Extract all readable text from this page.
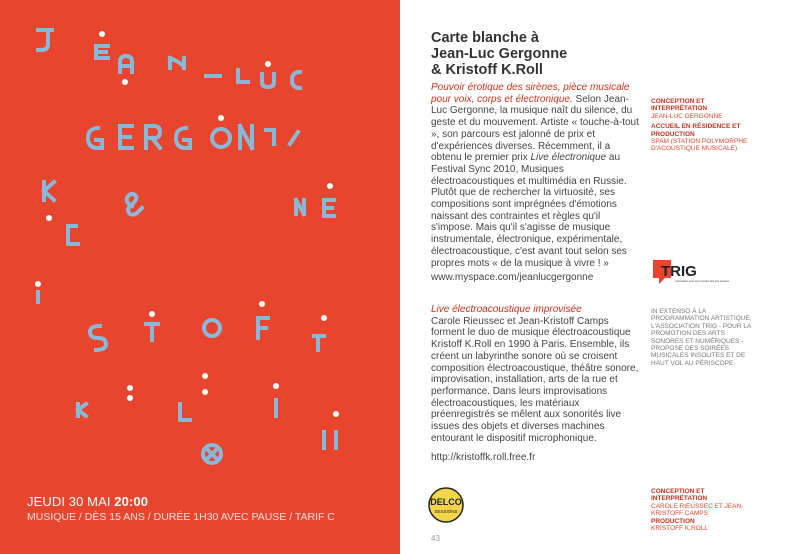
JEUDI 30 MAI 20:00
MUSIQUE / DÈS 15 ANS / DURÉE 1H30 AVEC PAUSE / TARIF C
Carte blanche à
Jean-Luc Gergonne
& Kristoff K.Roll
Pouvoir érotique des sirènes, pièce musicale pour voix, corps et électronique. Selon Jean-Luc Gergonne, la musique naît du silence, du geste et du mouvement. Artiste « touche-à-tout », son parcours est jalonné de prix et d'expériences diverses. Récemment, il a obtenu le premier prix Live électronique au Festival Sync 2010, Musiques électroacoustiques et multimédia en Russie. Plutôt que de rechercher la virtuosité, ses compositions sont imprégnées d'émotions naissant des contraintes et règles qu'il s'impose. Mais qu'il s'agisse de musique instrumentale, électronique, expérimentale, électroacoustique, c'est avant tout selon ses propres mots « de la musique à vivre ! »
www.myspace.com/jeanlucgergonne
Live électroacoustique improvisée
Carole Rieussec et Jean-Kristoff Camps forment le duo de musique électroacoustique Kristoff K.Roll en 1990 à Paris. Ensemble, ils créent un labyrinthe sonore où se croisent composition électroacoustique, théâtre sonore, improvisation, installation, arts de la rue et performance. Dans leurs improvisations électroacoustiques, les matériaux préenregistrés se mêlent aux sonorités live issues des objets et diverses machines entourant le dispositif microphonique.
http://kristoffk.roll.free.fr
43
CONCEPTION ET INTERPRÉTATION
JEAN-LUC GERGONNE
ACCUEIL EN RÉSIDENCE ET PRODUCTION
SPAM (STATION POLYMORPHE D'ACOUSTIQUE MUSICALE)
TRIG
Association pour la promotion des arts sonores
IN EXTENSO À LA PROGRAMMATION ARTISTIQUE, L'ASSOCIATION TRIG - POUR LA PROMOTION DES ARTS SONORES ET NUMÉRIQUES - PROPOSE DES SOIRÉES MUSICALES INSOLITES ET DE HAUT VOL AU PÉRISCOPE.
DELCO
SESSIONS
CONCEPTION ET INTERPRÉTATION
CAROLE RIEUSSEC ET JEAN-KRISTOFF CAMPS
PRODUCTION
KRISTOFF K.ROLL
